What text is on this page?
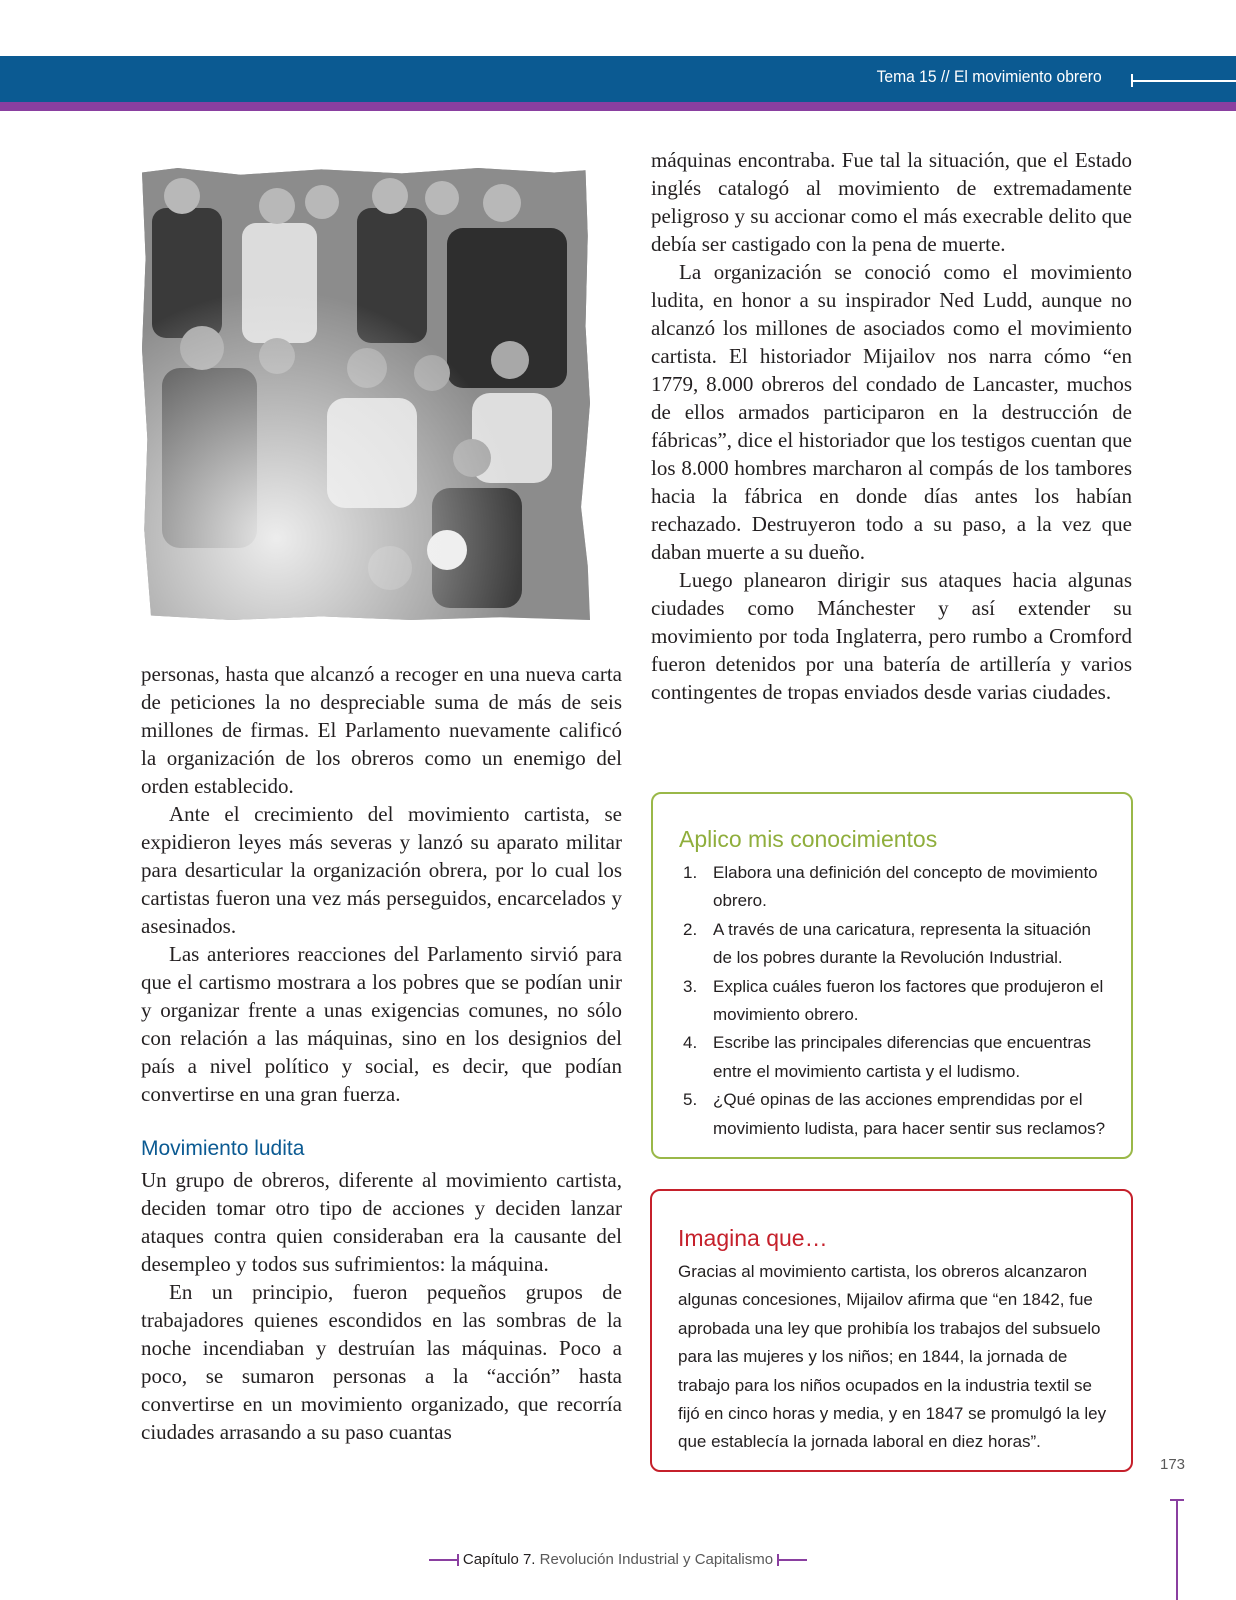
Tema 15 // El movimiento obrero

personas, hasta que alcanzó a recoger en una nueva carta de peticiones la no despreciable suma de más de seis millones de firmas. El Parlamento nuevamente calificó la organización de los obreros como un enemigo del orden establecido.

Ante el crecimiento del movimiento cartista, se expidieron leyes más severas y lanzó su aparato militar para desarticular la organización obrera, por lo cual los cartistas fueron una vez más perseguidos, encarcelados y asesinados.

Las anteriores reacciones del Parlamento sirvió para que el cartismo mostrara a los pobres que se podían unir y organizar frente a unas exigencias comunes, no sólo con relación a las máquinas, sino en los designios del país a nivel político y social, es decir, que podían convertirse en una gran fuerza.

Movimiento ludita

Un grupo de obreros, diferente al movimiento cartista, deciden tomar otro tipo de acciones y deciden lanzar ataques contra quien consideraban era la causante del desempleo y todos sus sufrimientos: la máquina.

En un principio, fueron pequeños grupos de trabajadores quienes escondidos en las sombras de la noche incendiaban y destruían las máquinas. Poco a poco, se sumaron personas a la “acción” hasta convertirse en un movimiento organizado, que recorría ciudades arrasando a su paso cuantas

máquinas encontraba. Fue tal la situación, que el Estado inglés catalogó al movimiento de extremadamente peligroso y su accionar como el más execrable delito que debía ser castigado con la pena de muerte.

La organización se conoció como el movimiento ludita, en honor a su inspirador Ned Ludd, aunque no alcanzó los millones de asociados como el movimiento cartista. El historiador Mijailov nos narra cómo “en 1779, 8.000 obreros del condado de Lancaster, muchos de ellos armados participaron en la destrucción de fábricas”, dice el historiador que los testigos cuentan que los 8.000 hombres marcharon al compás de los tambores hacia la fábrica en donde días antes los habían rechazado. Destruyeron todo a su paso, a la vez que daban muerte a su dueño.

Luego planearon dirigir sus ataques hacia algunas ciudades como Mánchester y así extender su movimiento por toda Inglaterra, pero rumbo a Cromford fueron detenidos por una batería de artillería y varios contingentes de tropas enviados desde varias ciudades.

Aplico mis conocimientos
1. Elabora una definición del concepto de movimiento obrero.
2. A través de una caricatura, representa la situación de los pobres durante la Revolución Industrial.
3. Explica cuáles fueron los factores que produjeron el movimiento obrero.
4. Escribe las principales diferencias que encuentras entre el movimiento cartista y el ludismo.
5. ¿Qué opinas de las acciones emprendidas por el movimiento ludista, para hacer sentir sus reclamos?
Imagina que…
Gracias al movimiento cartista, los obreros alcanzaron algunas concesiones, Mijailov afirma que “en 1842, fue aprobada una ley que prohibía los trabajos del subsuelo para las mujeres y los niños; en 1844, la jornada de trabajo para los niños ocupados en la industria textil se fijó en cinco horas y media, y en 1847 se promulgó la ley que establecía la jornada laboral en diez horas”.
173
Capítulo 7. Revolución Industrial y Capitalismo
